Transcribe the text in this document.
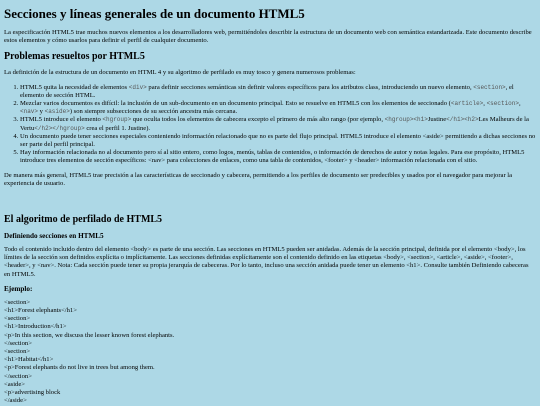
Secciones y líneas generales de un documento HTML5

La especificación HTML5 trae muchos nuevos elementos a los desarrolladores web, permitiéndoles describir la estructura de un documento web con semántica estandarizada. Este documento describe estos elementos y cómo usarlos para definir el perfil de cualquier documento.

Problemas resueltos por HTML5

La definición de la estructura de un documento en HTML 4 y su algoritmo de perfilado es muy tosco y genera numerosos problemas:

1. HTML5 quita la necesidad de elementos <div> para definir secciones semánticas sin definir valores específicos para los atributos class, introduciendo un nuevo elemento, <section>, el elemento de sección HTML.
2. Mezclar varios documentos es difícil: la inclusión de un sub-documento en un documento principal. Esto se resuelve en HTML5 con los elementos de seccionado (<article>, <section>, <nav> y <aside>) son siempre subsecciones de su sección ancestra más cercana.
3. HTML5 introduce el elemento <hgroup> que oculta todos los elementos de cabecera excepto el primero de más alto rango (por ejemplo, <hgroup><h1>Justine</h1><h2>Les Malheurs de la Vertu</h2></hgroup> crea el perfil 1. Justine).
4. Un documento puede tener secciones especiales conteniendo información relacionado que no es parte del flujo principal. HTML5 introduce el elemento <aside> permitiendo a dichas secciones no ser parte del perfil principal.
5. Hay información relacionada no al documento pero sí al sitio entero, como logos, menús, tablas de contenidos, o información de derechos de autor y notas legales. Para ese propósito, HTML5 introduce tres elementos de sección específicos: <nav> para colecciones de enlaces, como una tabla de contenidos, <footer> y <header> información relacionada con el sitio.

De manera más general, HTML5 trae precisión a las características de seccionado y cabecera, permitiendo a los perfiles de documento ser predecibles y usados por el navegador para mejorar la experiencia de usuario.

El algoritmo de perfilado de HTML5
Definiendo secciones en HTML5

Todo el contenido incluido dentro del elemento <body> es parte de una sección. Las secciones en HTML5 pueden ser anidadas. Además de la sección principal, definida por el elemento <body>, los límites de la sección son definidos explícita o implícitamente. Las secciones definidas explícitamente son el contenido definido en las etiquetas <body>, <section>, <article>, <aside>, <footer>, <header>, y <nav>. Nota: Cada sección puede tener su propia jerarquía de cabeceras. Por lo tanto, incluso una sección anidada puede tener un elemento <h1>. Consulte también Definiendo cabeceras en HTML5.

Ejemplo:
<section>
<h1>Forest elephants</h1>
<section>
<h1>Introduction</h1>
<p>In this section, we discuss the lesser known forest elephants.
</section>
<section>
<h1>Habitat</h1>
<p>Forest elephants do not live in trees but among them.
</section>
<aside>
<p>advertising block
</aside>
